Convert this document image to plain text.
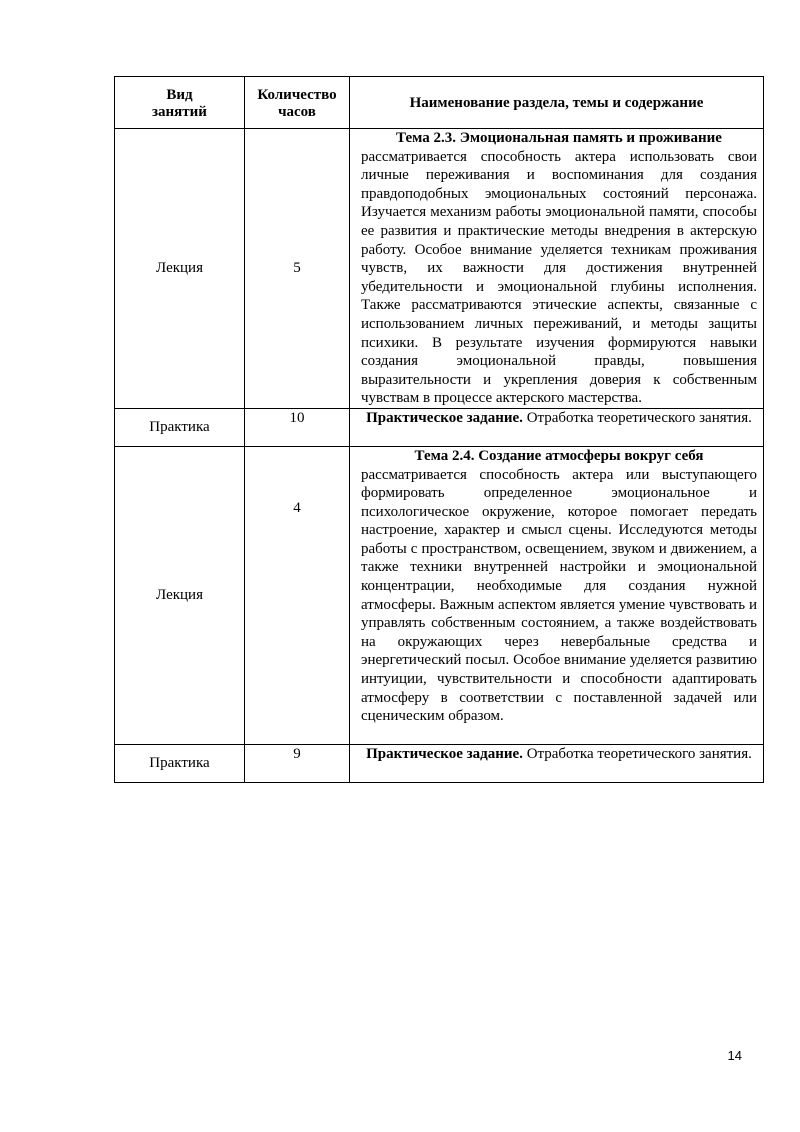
Вид занятий	Количество часов	Наименование раздела, темы и содержание
Лекция	5	Тема 2.3. Эмоциональная память и проживание
рассматривается способность актера использовать свои личные переживания и воспоминания для создания правдоподобных эмоциональных состояний персонажа. Изучается механизм работы эмоциональной памяти, способы ее развития и практические методы внедрения в актерскую работу. Особое внимание уделяется техникам проживания чувств, их важности для достижения внутренней убедительности и эмоциональной глубины исполнения. Также рассматриваются этические аспекты, связанные с использованием личных переживаний, и методы защиты психики. В результате изучения формируются навыки создания эмоциональной правды, повышения выразительности и укрепления доверия к собственным чувствам в процессе актерского мастерства.

Практика	10	Практическое задание. Отработка теоретического занятия.
Лекция	4	Тема 2.4. Создание атмосферы вокруг себя
рассматривается способность актера или выступающего формировать определенное эмоциональное и психологическое окружение, которое помогает передать настроение, характер и смысл сцены. Исследуются методы работы с пространством, освещением, звуком и движением, а также техники внутренней настройки и эмоциональной концентрации, необходимые для создания нужной атмосферы. Важным аспектом является умение чувствовать и управлять собственным состоянием, а также воздействовать на окружающих через невербальные средства и энергетический посыл. Особое внимание уделяется развитию интуиции, чувствительности и способности адаптировать атмосферу в соответствии с поставленной задачей или сценическим образом.

Практика	9	Практическое задание. Отработка теоретического занятия.
14
